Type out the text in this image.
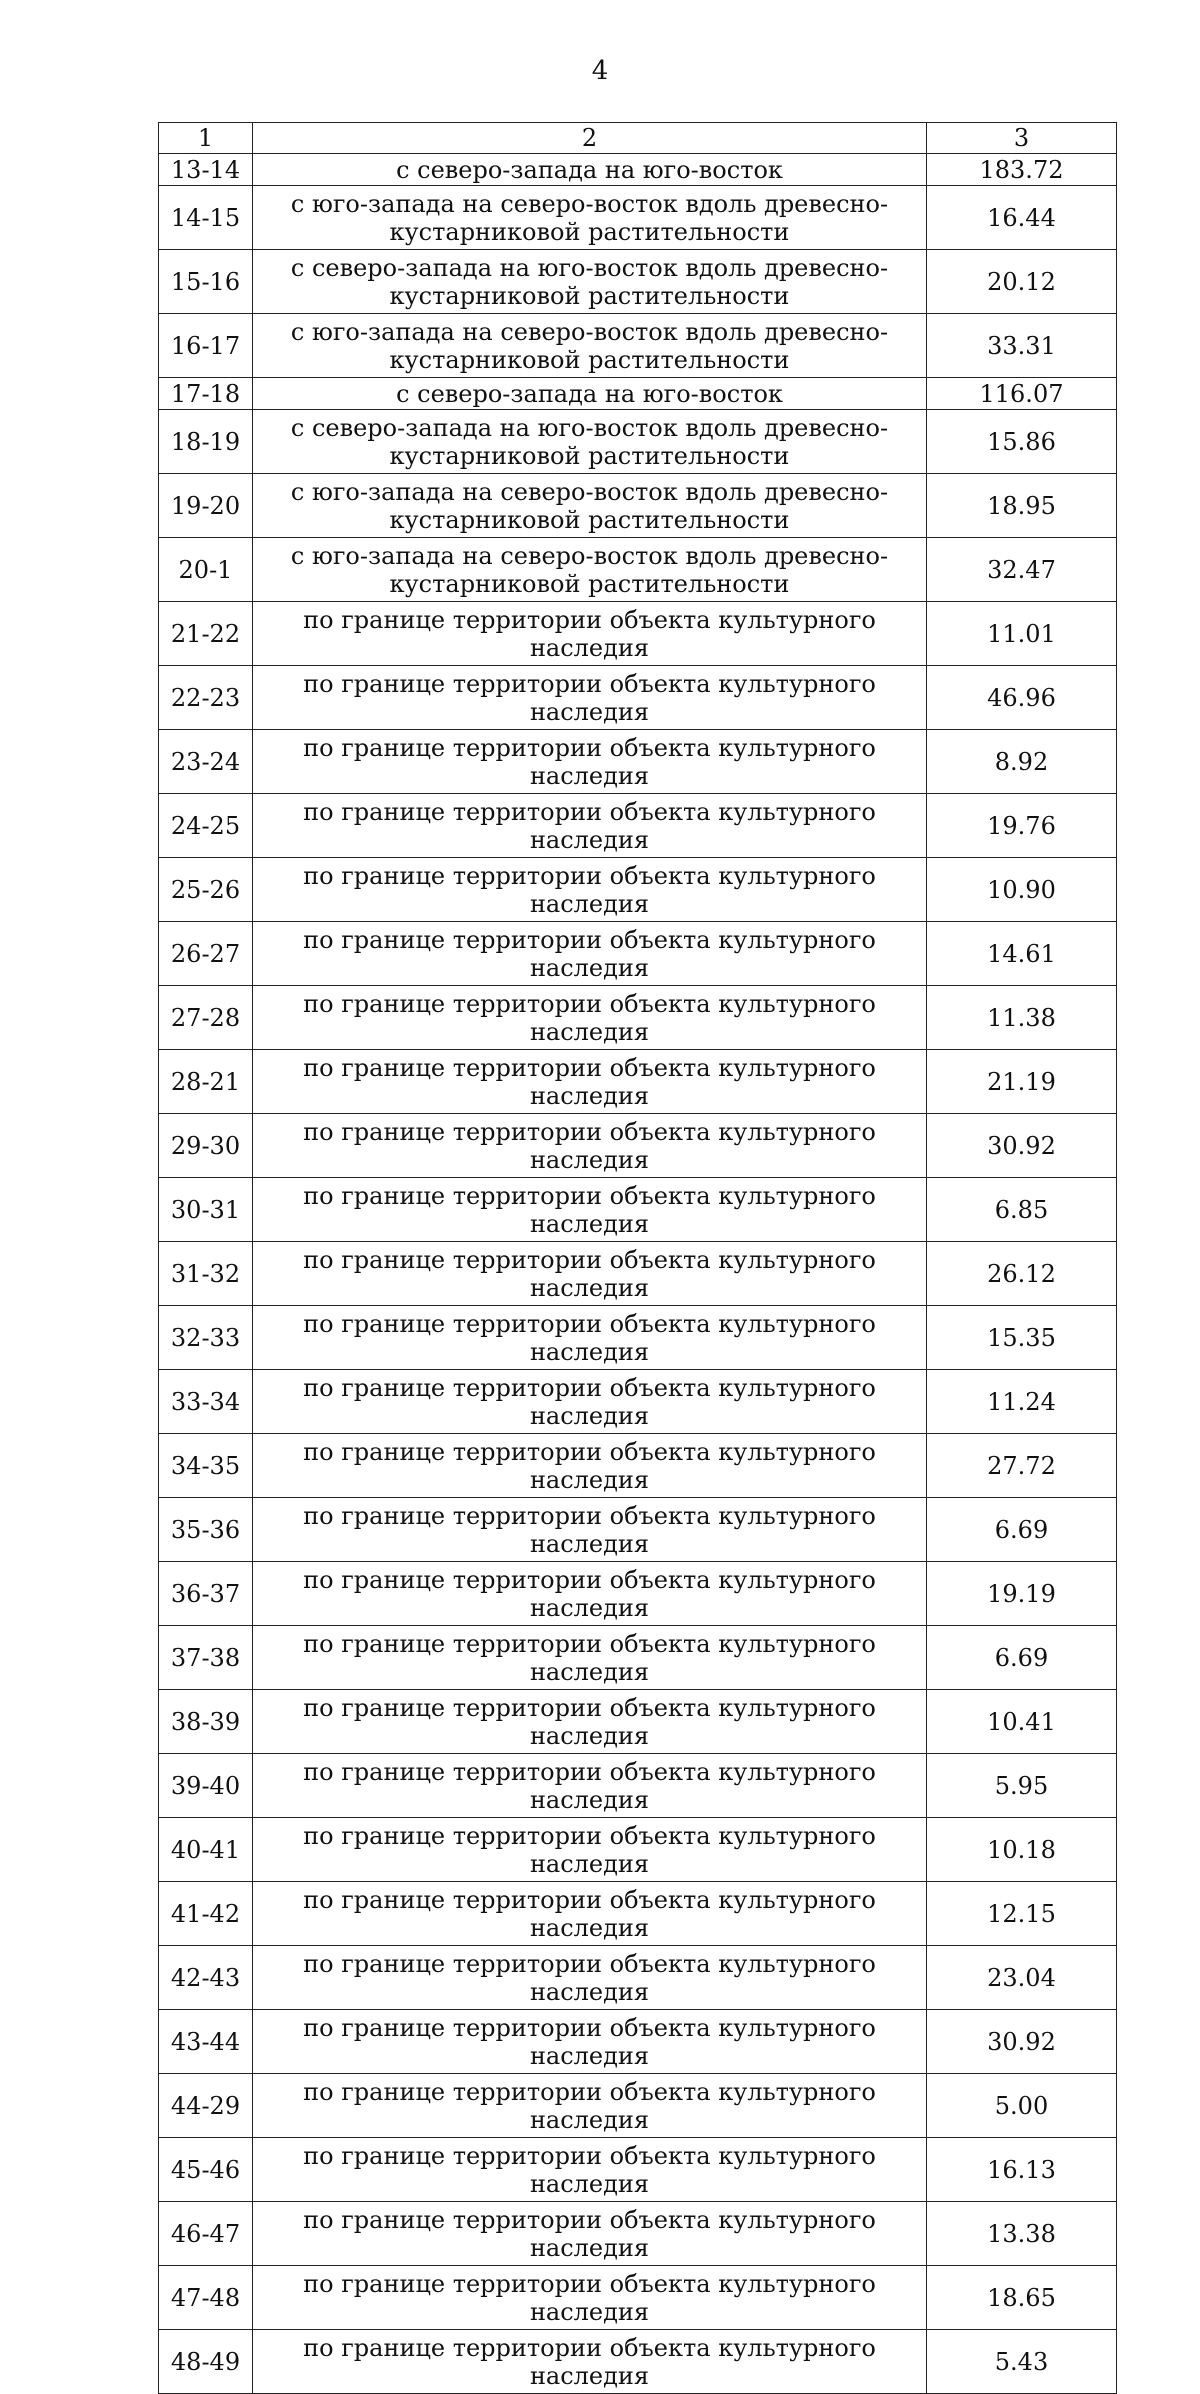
4
1	2	3
13-14	с северо-запада на юго-восток	183.72
14-15	с юго-запада на северо-восток вдоль древесно-кустарниковой растительности	16.44
15-16	с северо-запада на юго-восток вдоль древесно-кустарниковой растительности	20.12
16-17	с юго-запада на северо-восток вдоль древесно-кустарниковой растительности	33.31
17-18	с северо-запада на юго-восток	116.07
18-19	с северо-запада на юго-восток вдоль древесно-кустарниковой растительности	15.86
19-20	с юго-запада на северо-восток вдоль древесно-кустарниковой растительности	18.95
20-1	с юго-запада на северо-восток вдоль древесно-кустарниковой растительности	32.47
21-22	по границе территории объекта культурного наследия	11.01
22-23	по границе территории объекта культурного наследия	46.96
23-24	по границе территории объекта культурного наследия	8.92
24-25	по границе территории объекта культурного наследия	19.76
25-26	по границе территории объекта культурного наследия	10.90
26-27	по границе территории объекта культурного наследия	14.61
27-28	по границе территории объекта культурного наследия	11.38
28-21	по границе территории объекта культурного наследия	21.19
29-30	по границе территории объекта культурного наследия	30.92
30-31	по границе территории объекта культурного наследия	6.85
31-32	по границе территории объекта культурного наследия	26.12
32-33	по границе территории объекта культурного наследия	15.35
33-34	по границе территории объекта культурного наследия	11.24
34-35	по границе территории объекта культурного наследия	27.72
35-36	по границе территории объекта культурного наследия	6.69
36-37	по границе территории объекта культурного наследия	19.19
37-38	по границе территории объекта культурного наследия	6.69
38-39	по границе территории объекта культурного наследия	10.41
39-40	по границе территории объекта культурного наследия	5.95
40-41	по границе территории объекта культурного наследия	10.18
41-42	по границе территории объекта культурного наследия	12.15
42-43	по границе территории объекта культурного наследия	23.04
43-44	по границе территории объекта культурного наследия	30.92
44-29	по границе территории объекта культурного наследия	5.00
45-46	по границе территории объекта культурного наследия	16.13
46-47	по границе территории объекта культурного наследия	13.38
47-48	по границе территории объекта культурного наследия	18.65
48-49	по границе территории объекта культурного наследия	5.43
